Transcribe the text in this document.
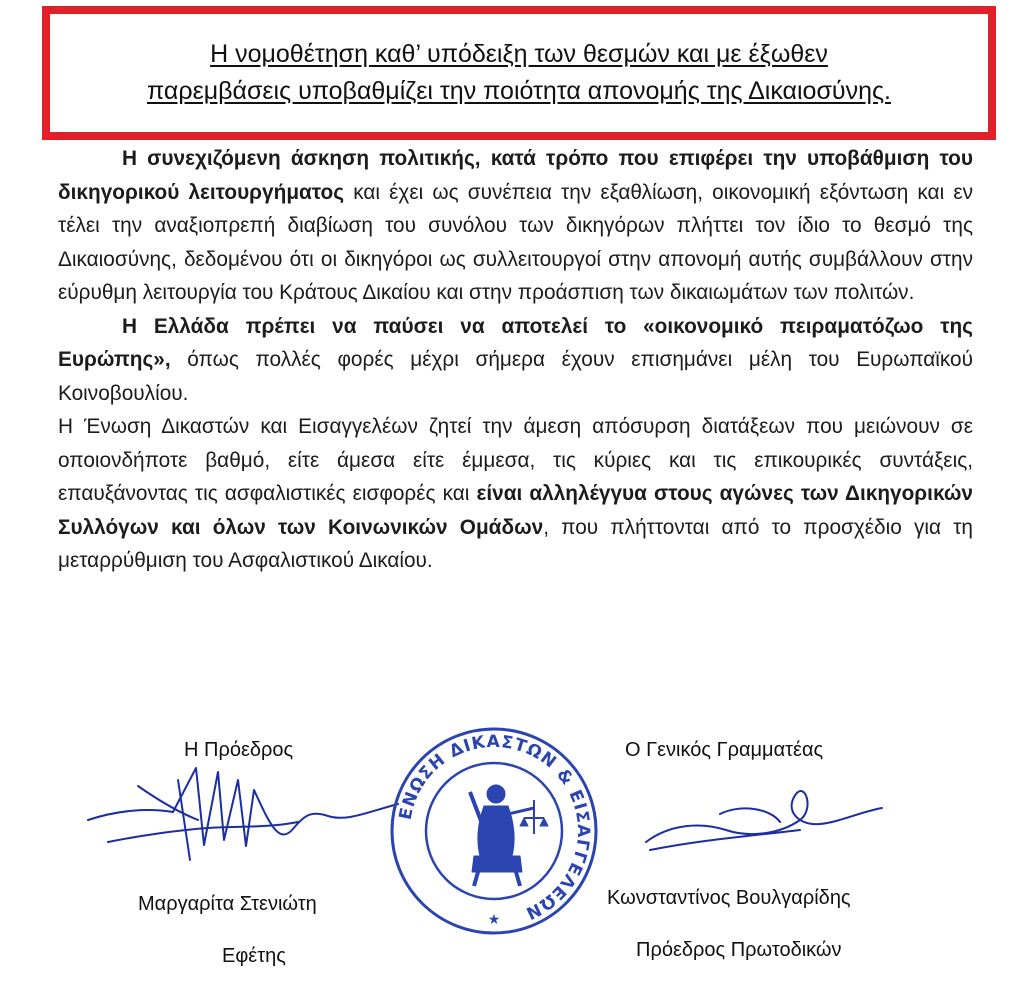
Η νομοθέτηση καθ’ υπόδειξη των θεσμών και με έξωθεν
παρεμβάσεις υποβαθμίζει την ποιότητα απονομής της Δικαιοσύνης.

Η συνεχιζόμενη άσκηση πολιτικής, κατά τρόπο που επιφέρει την υποβάθμιση του δικηγορικού λειτουργήματος και έχει ως συνέπεια την εξαθλίωση, οικονομική εξόντωση και εν τέλει την αναξιοπρεπή διαβίωση του συνόλου των δικηγόρων πλήττει τον ίδιο το θεσμό της Δικαιοσύνης, δεδομένου ότι οι δικηγόροι ως συλλειτουργοί στην απονομή αυτής συμβάλλουν στην εύρυθμη λειτουργία του Κράτους Δικαίου και στην προάσπιση των δικαιωμάτων των πολιτών.

Η Ελλάδα πρέπει να παύσει να αποτελεί το «οικονομικό πειραματόζωο της Ευρώπης», όπως πολλές φορές μέχρι σήμερα έχουν επισημάνει μέλη του Ευρωπαϊκού Κοινοβουλίου.

Η Ένωση Δικαστών και Εισαγγελέων ζητεί την άμεση απόσυρση διατάξεων που μειώνουν σε οποιονδήποτε βαθμό, είτε άμεσα είτε έμμεσα, τις κύριες και τις επικουρικές συντάξεις, επαυξάνοντας τις ασφαλιστικές εισφορές και είναι αλληλέγγυα στους αγώνες των Δικηγορικών Συλλόγων και όλων των Κοινωνικών Ομάδων, που πλήττονται από το προσχέδιο για τη μεταρρύθμιση του Ασφαλιστικού Δικαίου.

Η Πρόεδρος
Μαργαρίτα Στενιώτη
Εφέτης
ΕΝΩΣΗ ΔΙΚΑΣΤΩΝ & ΕΙΣΑΓΓΕΛΕΩΝ
★
Ο Γενικός Γραμματέας
Κωνσταντίνος Βουλγαρίδης
Πρόεδρος Πρωτοδικών
